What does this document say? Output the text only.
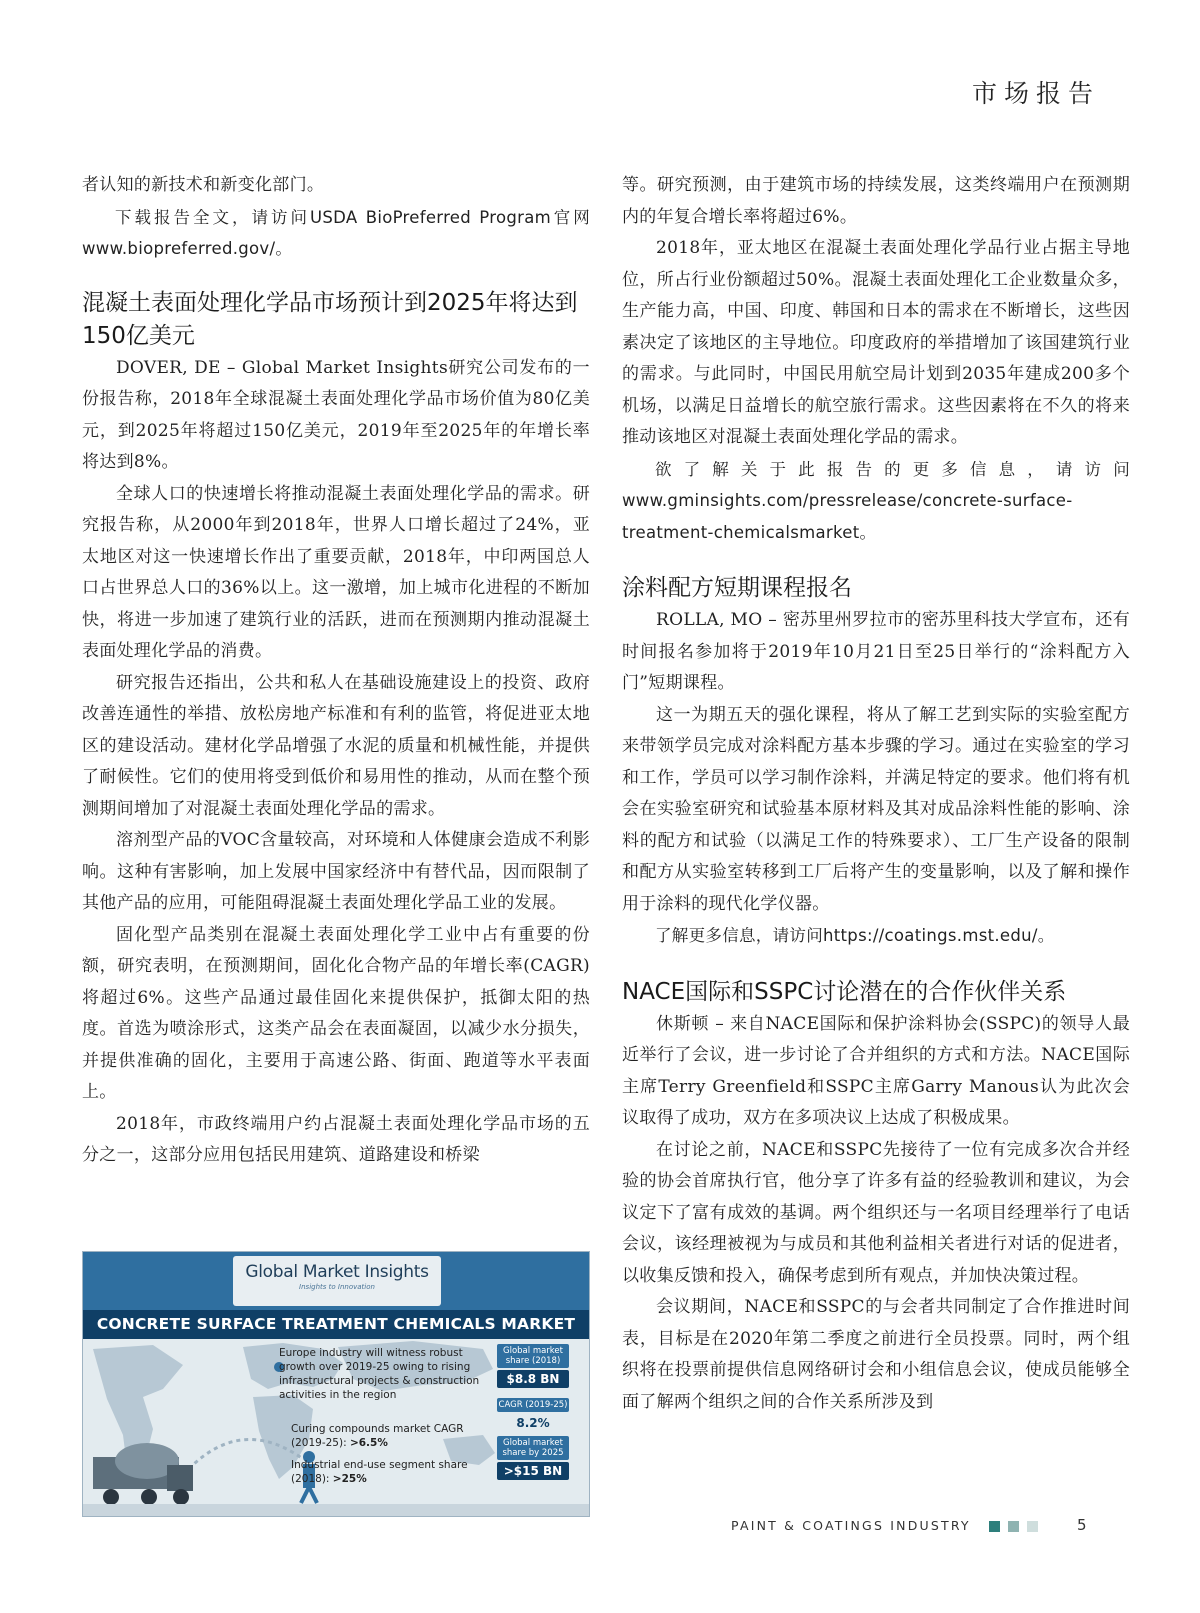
市场报告

者认知的新技术和新变化部门。

下载报告全文，请访问USDA BioPreferred Program官网www.biopreferred.gov/。

混凝土表面处理化学品市场预计到2025年将达到150亿美元

DOVER, DE – Global Market Insights研究公司发布的一份报告称，2018年全球混凝土表面处理化学品市场价值为80亿美元，到2025年将超过150亿美元，2019年至2025年的年增长率将达到8%。

全球人口的快速增长将推动混凝土表面处理化学品的需求。研究报告称，从2000年到2018年，世界人口增长超过了24%，亚太地区对这一快速增长作出了重要贡献，2018年，中印两国总人口占世界总人口的36%以上。这一激增，加上城市化进程的不断加快，将进一步加速了建筑行业的活跃，进而在预测期内推动混凝土表面处理化学品的消费。

研究报告还指出，公共和私人在基础设施建设上的投资、政府改善连通性的举措、放松房地产标准和有利的监管，将促进亚太地区的建设活动。建材化学品增强了水泥的质量和机械性能，并提供了耐候性。它们的使用将受到低价和易用性的推动，从而在整个预测期间增加了对混凝土表面处理化学品的需求。

溶剂型产品的VOC含量较高，对环境和人体健康会造成不利影响。这种有害影响，加上发展中国家经济中有替代品，因而限制了其他产品的应用，可能阻碍混凝土表面处理化学品工业的发展。

固化型产品类别在混凝土表面处理化学工业中占有重要的份额，研究表明，在预测期间，固化化合物产品的年增长率(CAGR)将超过6%。这些产品通过最佳固化来提供保护，抵御太阳的热度。首选为喷涂形式，这类产品会在表面凝固，以减少水分损失，并提供准确的固化，主要用于高速公路、街面、跑道等水平表面上。

2018年，市政终端用户约占混凝土表面处理化学品市场的五分之一，这部分应用包括民用建筑、道路建设和桥梁

Global Market Insights
Insights to Innovation
CONCRETE SURFACE TREATMENT CHEMICALS MARKET
Europe industry will witness robust growth over 2019-25 owing to rising infrastructural projects & construction activities in the region
Curing compounds market CAGR (2019-25): >6.5%
Industrial end-use segment share (2018): >25%
Global market share (2018)
$8.8 BN
CAGR (2019-25)
8.2%
Global market share by 2025
>$15 BN

等。研究预测，由于建筑市场的持续发展，这类终端用户在预测期内的年复合增长率将超过6%。

2018年，亚太地区在混凝土表面处理化学品行业占据主导地位，所占行业份额超过50%。混凝土表面处理化工企业数量众多，生产能力高，中国、印度、韩国和日本的需求在不断增长，这些因素决定了该地区的主导地位。印度政府的举措增加了该国建筑行业的需求。与此同时，中国民用航空局计划到2035年建成200多个机场，以满足日益增长的航空旅行需求。这些因素将在不久的将来推动该地区对混凝土表面处理化学品的需求。

欲了解关于此报告的更多信息，请访问www.gminsights.com/pressrelease/concrete-surface-treatment-chemicalsmarket。

涂料配方短期课程报名

ROLLA, MO – 密苏里州罗拉市的密苏里科技大学宣布，还有时间报名参加将于2019年10月21日至25日举行的“涂料配方入门”短期课程。

这一为期五天的强化课程，将从了解工艺到实际的实验室配方来带领学员完成对涂料配方基本步骤的学习。通过在实验室的学习和工作，学员可以学习制作涂料，并满足特定的要求。他们将有机会在实验室研究和试验基本原材料及其对成品涂料性能的影响、涂料的配方和试验（以满足工作的特殊要求）、工厂生产设备的限制和配方从实验室转移到工厂后将产生的变量影响，以及了解和操作用于涂料的现代化学仪器。

了解更多信息，请访问https://coatings.mst.edu/。

NACE国际和SSPC讨论潜在的合作伙伴关系

休斯顿 – 来自NACE国际和保护涂料协会(SSPC)的领导人最近举行了会议，进一步讨论了合并组织的方式和方法。NACE国际主席Terry Greenfield和SSPC主席Garry Manous认为此次会议取得了成功，双方在多项决议上达成了积极成果。

在讨论之前，NACE和SSPC先接待了一位有完成多次合并经验的协会首席执行官，他分享了许多有益的经验教训和建议，为会议定下了富有成效的基调。两个组织还与一名项目经理举行了电话会议，该经理被视为与成员和其他利益相关者进行对话的促进者，以收集反馈和投入，确保考虑到所有观点，并加快决策过程。

会议期间，NACE和SSPC的与会者共同制定了合作推进时间表，目标是在2020年第二季度之前进行全员投票。同时，两个组织将在投票前提供信息网络研讨会和小组信息会议，使成员能够全面了解两个组织之间的合作关系所涉及到

PAINT & COATINGS INDUSTRY	5
